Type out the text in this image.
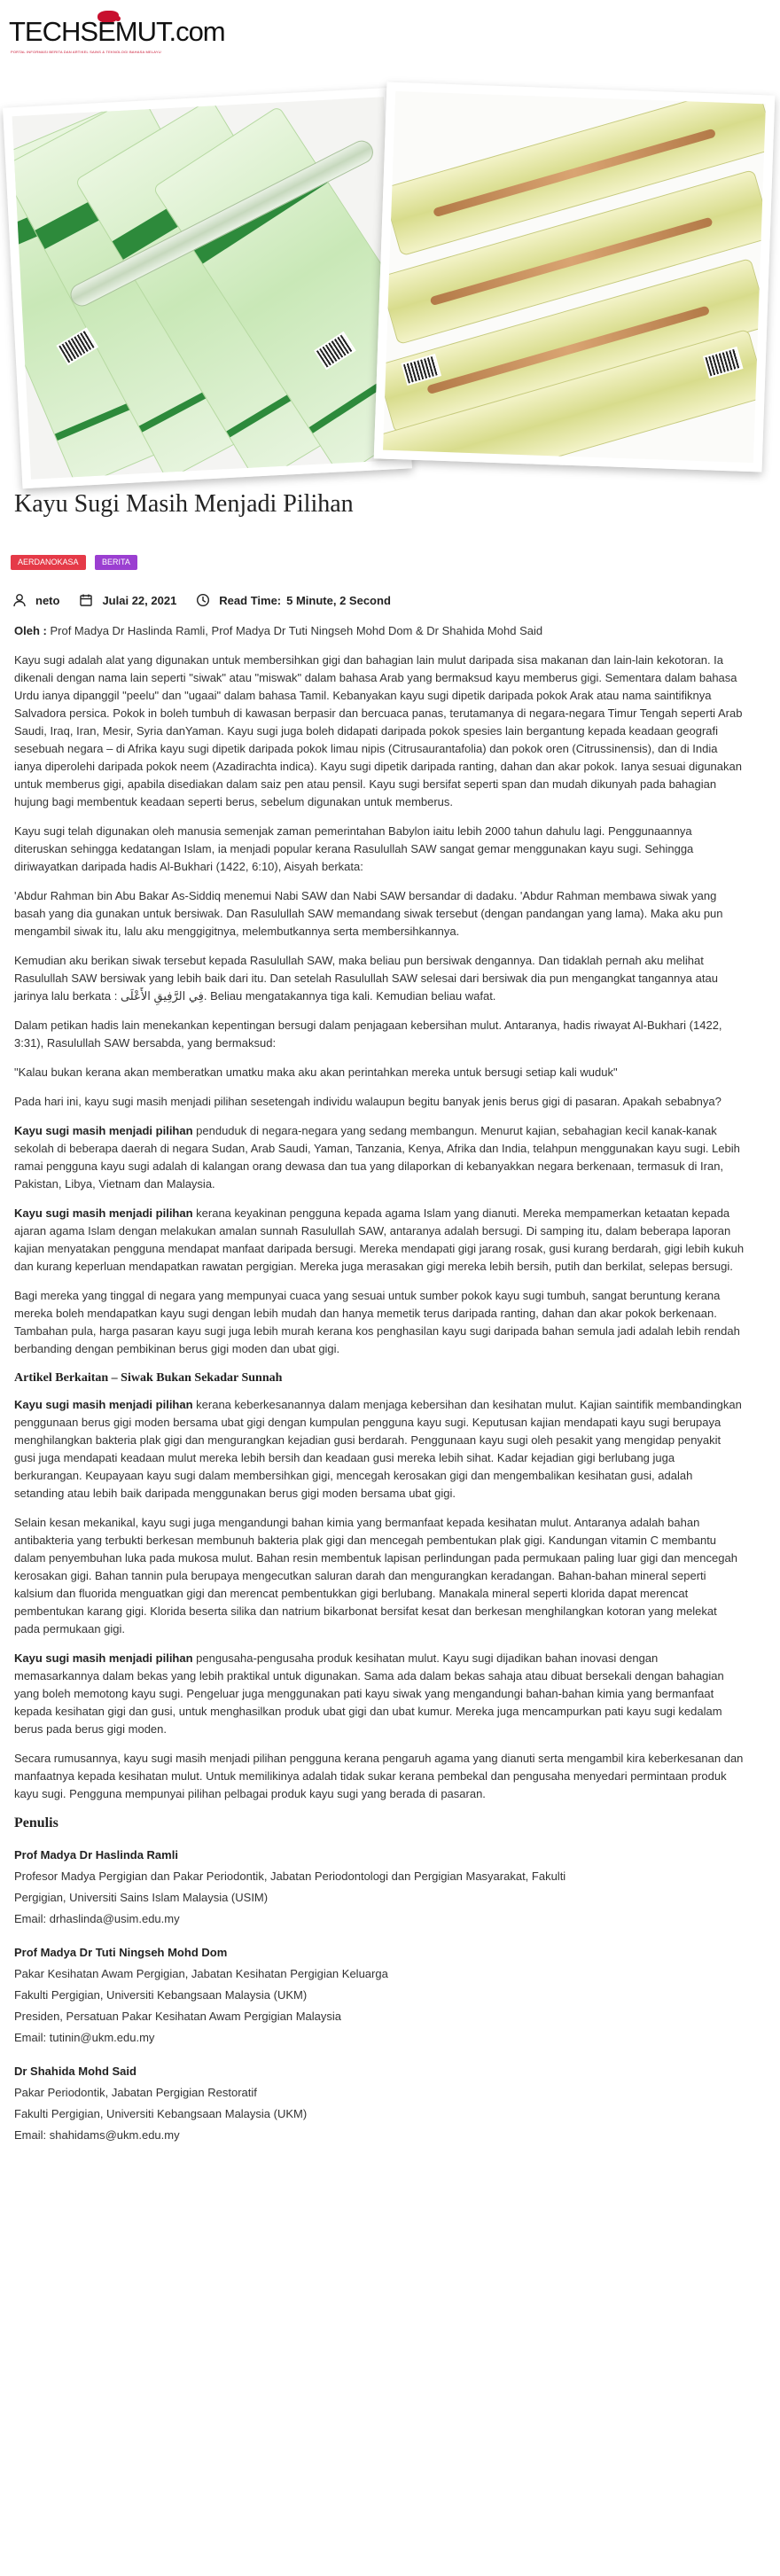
TECHSEMUT.com
PORTAL INFORMASI BERITA DAN ARTIKEL SAINS & TEKNOLOGI BAHASA MELAYU
Kayu Sugi Masih Menjadi Pilihan
AERDANOKASA	BERITA
neto	Julai 22, 2021	Read Time: 5 Minute, 2 Second

Oleh : Prof Madya Dr Haslinda Ramli, Prof Madya Dr Tuti Ningseh Mohd Dom & Dr Shahida Mohd Said

Kayu sugi adalah alat yang digunakan untuk membersihkan gigi dan bahagian lain mulut daripada sisa makanan dan lain-lain kekotoran. Ia dikenali dengan nama lain seperti "siwak" atau "miswak" dalam bahasa Arab yang bermaksud kayu memberus gigi. Sementara dalam bahasa Urdu ianya dipanggil "peelu" dan "ugaai" dalam bahasa Tamil. Kebanyakan kayu sugi dipetik daripada pokok Arak atau nama saintifiknya Salvadora persica. Pokok in boleh tumbuh di kawasan berpasir dan bercuaca panas, terutamanya di negara-negara Timur Tengah seperti Arab Saudi, Iraq, Iran, Mesir, Syria danYaman. Kayu sugi juga boleh didapati daripada pokok spesies lain bergantung kepada keadaan geografi sesebuah negara – di Afrika kayu sugi dipetik daripada pokok limau nipis (Citrusaurantafolia) dan pokok oren (Citrussinensis), dan di India ianya diperolehi daripada pokok neem (Azadirachta indica). Kayu sugi dipetik daripada ranting, dahan dan akar pokok. Ianya sesuai digunakan untuk memberus gigi, apabila disediakan dalam saiz pen atau pensil. Kayu sugi bersifat seperti span dan mudah dikunyah pada bahagian hujung bagi membentuk keadaan seperti berus, sebelum digunakan untuk memberus.

Kayu sugi telah digunakan oleh manusia semenjak zaman pemerintahan Babylon iaitu lebih 2000 tahun dahulu lagi. Penggunaannya diteruskan sehingga kedatangan Islam, ia menjadi popular kerana Rasulullah SAW sangat gemar menggunakan kayu sugi. Sehingga diriwayatkan daripada hadis Al-Bukhari (1422, 6:10), Aisyah berkata:

'Abdur Rahman bin Abu Bakar As-Siddiq menemui Nabi SAW dan Nabi SAW bersandar di dadaku. 'Abdur Rahman membawa siwak yang basah yang dia gunakan untuk bersiwak. Dan Rasulullah SAW memandang siwak tersebut (dengan pandangan yang lama). Maka aku pun mengambil siwak itu, lalu aku menggigitnya, melembutkannya serta membersihkannya.

Kemudian aku berikan siwak tersebut kepada Rasulullah SAW, maka beliau pun bersiwak dengannya. Dan tidaklah pernah aku melihat Rasulullah SAW bersiwak yang lebih baik dari itu. Dan setelah Rasulullah SAW selesai dari bersiwak dia pun mengangkat tangannya atau jarinya lalu berkata : فِي الرَّفِيقِ الأَعْلَى. Beliau mengatakannya tiga kali. Kemudian beliau wafat.

Dalam petikan hadis lain menekankan kepentingan bersugi dalam penjagaan kebersihan mulut. Antaranya, hadis riwayat Al-Bukhari (1422, 3:31), Rasulullah SAW bersabda, yang bermaksud:

"Kalau bukan kerana akan memberatkan umatku maka aku akan perintahkan mereka untuk bersugi setiap kali wuduk"

Pada hari ini, kayu sugi masih menjadi pilihan sesetengah individu walaupun begitu banyak jenis berus gigi di pasaran. Apakah sebabnya?

Kayu sugi masih menjadi pilihan penduduk di negara-negara yang sedang membangun. Menurut kajian, sebahagian kecil kanak-kanak sekolah di beberapa daerah di negara Sudan, Arab Saudi, Yaman, Tanzania, Kenya, Afrika dan India, telahpun menggunakan kayu sugi. Lebih ramai pengguna kayu sugi adalah di kalangan orang dewasa dan tua yang dilaporkan di kebanyakkan negara berkenaan, termasuk di Iran, Pakistan, Libya, Vietnam dan Malaysia.

Kayu sugi masih menjadi pilihan kerana keyakinan pengguna kepada agama Islam yang dianuti. Mereka mempamerkan ketaatan kepada ajaran agama Islam dengan melakukan amalan sunnah Rasulullah SAW, antaranya adalah bersugi. Di samping itu, dalam beberapa laporan kajian menyatakan pengguna mendapat manfaat daripada bersugi. Mereka mendapati gigi jarang rosak, gusi kurang berdarah, gigi lebih kukuh dan kurang keperluan mendapatkan rawatan pergigian. Mereka juga merasakan gigi mereka lebih bersih, putih dan berkilat, selepas bersugi.

Bagi mereka yang tinggal di negara yang mempunyai cuaca yang sesuai untuk sumber pokok kayu sugi tumbuh, sangat beruntung kerana mereka boleh mendapatkan kayu sugi dengan lebih mudah dan hanya memetik terus daripada ranting, dahan dan akar pokok berkenaan. Tambahan pula, harga pasaran kayu sugi juga lebih murah kerana kos penghasilan kayu sugi daripada bahan semula jadi adalah lebih rendah berbanding dengan pembikinan berus gigi moden dan ubat gigi.

Artikel Berkaitan – Siwak Bukan Sekadar Sunnah

Kayu sugi masih menjadi pilihan kerana keberkesanannya dalam menjaga kebersihan dan kesihatan mulut. Kajian saintifik membandingkan penggunaan berus gigi moden bersama ubat gigi dengan kumpulan pengguna kayu sugi. Keputusan kajian mendapati kayu sugi berupaya menghilangkan bakteria plak gigi dan mengurangkan kejadian gusi berdarah. Penggunaan kayu sugi oleh pesakit yang mengidap penyakit gusi juga mendapati keadaan mulut mereka lebih bersih dan keadaan gusi mereka lebih sihat. Kadar kejadian gigi berlubang juga berkurangan. Keupayaan kayu sugi dalam membersihkan gigi, mencegah kerosakan gigi dan mengembalikan kesihatan gusi, adalah setanding atau lebih baik daripada menggunakan berus gigi moden bersama ubat gigi.

Selain kesan mekanikal, kayu sugi juga mengandungi bahan kimia yang bermanfaat kepada kesihatan mulut. Antaranya adalah bahan antibakteria yang terbukti berkesan membunuh bakteria plak gigi dan mencegah pembentukan plak gigi. Kandungan vitamin C membantu dalam penyembuhan luka pada mukosa mulut. Bahan resin membentuk lapisan perlindungan pada permukaan paling luar gigi dan mencegah kerosakan gigi. Bahan tannin pula berupaya mengecutkan saluran darah dan mengurangkan keradangan. Bahan-bahan mineral seperti kalsium dan fluorida menguatkan gigi dan merencat pembentukkan gigi berlubang. Manakala mineral seperti klorida dapat merencat pembentukan karang gigi. Klorida beserta silika dan natrium bikarbonat bersifat kesat dan berkesan menghilangkan kotoran yang melekat pada permukaan gigi.

Kayu sugi masih menjadi pilihan pengusaha-pengusaha produk kesihatan mulut. Kayu sugi dijadikan bahan inovasi dengan memasarkannya dalam bekas yang lebih praktikal untuk digunakan. Sama ada dalam bekas sahaja atau dibuat bersekali dengan bahagian yang boleh memotong kayu sugi. Pengeluar juga menggunakan pati kayu siwak yang mengandungi bahan-bahan kimia yang bermanfaat kepada kesihatan gigi dan gusi, untuk menghasilkan produk ubat gigi dan ubat kumur. Mereka juga mencampurkan pati kayu sugi kedalam berus pada berus gigi moden.

Secara rumusannya, kayu sugi masih menjadi pilihan pengguna kerana pengaruh agama yang dianuti serta mengambil kira keberkesanan dan manfaatnya kepada kesihatan mulut. Untuk memilikinya adalah tidak sukar kerana pembekal dan pengusaha menyedari permintaan produk kayu sugi. Pengguna mempunyai pilihan pelbagai produk kayu sugi yang berada di pasaran.

Penulis
Prof Madya Dr Haslinda Ramli
Profesor Madya Pergigian dan Pakar Periodontik, Jabatan Periodontologi dan Pergigian Masyarakat, Fakulti
Pergigian, Universiti Sains Islam Malaysia (USIM)
Email: drhaslinda@usim.edu.my
Prof Madya Dr Tuti Ningseh Mohd Dom
Pakar Kesihatan Awam Pergigian, Jabatan Kesihatan Pergigian Keluarga
Fakulti Pergigian, Universiti Kebangsaan Malaysia (UKM)
Presiden, Persatuan Pakar Kesihatan Awam Pergigian Malaysia
Email: tutinin@ukm.edu.my
Dr Shahida Mohd Said
Pakar Periodontik, Jabatan Pergigian Restoratif
Fakulti Pergigian, Universiti Kebangsaan Malaysia (UKM)
Email: shahidams@ukm.edu.my
